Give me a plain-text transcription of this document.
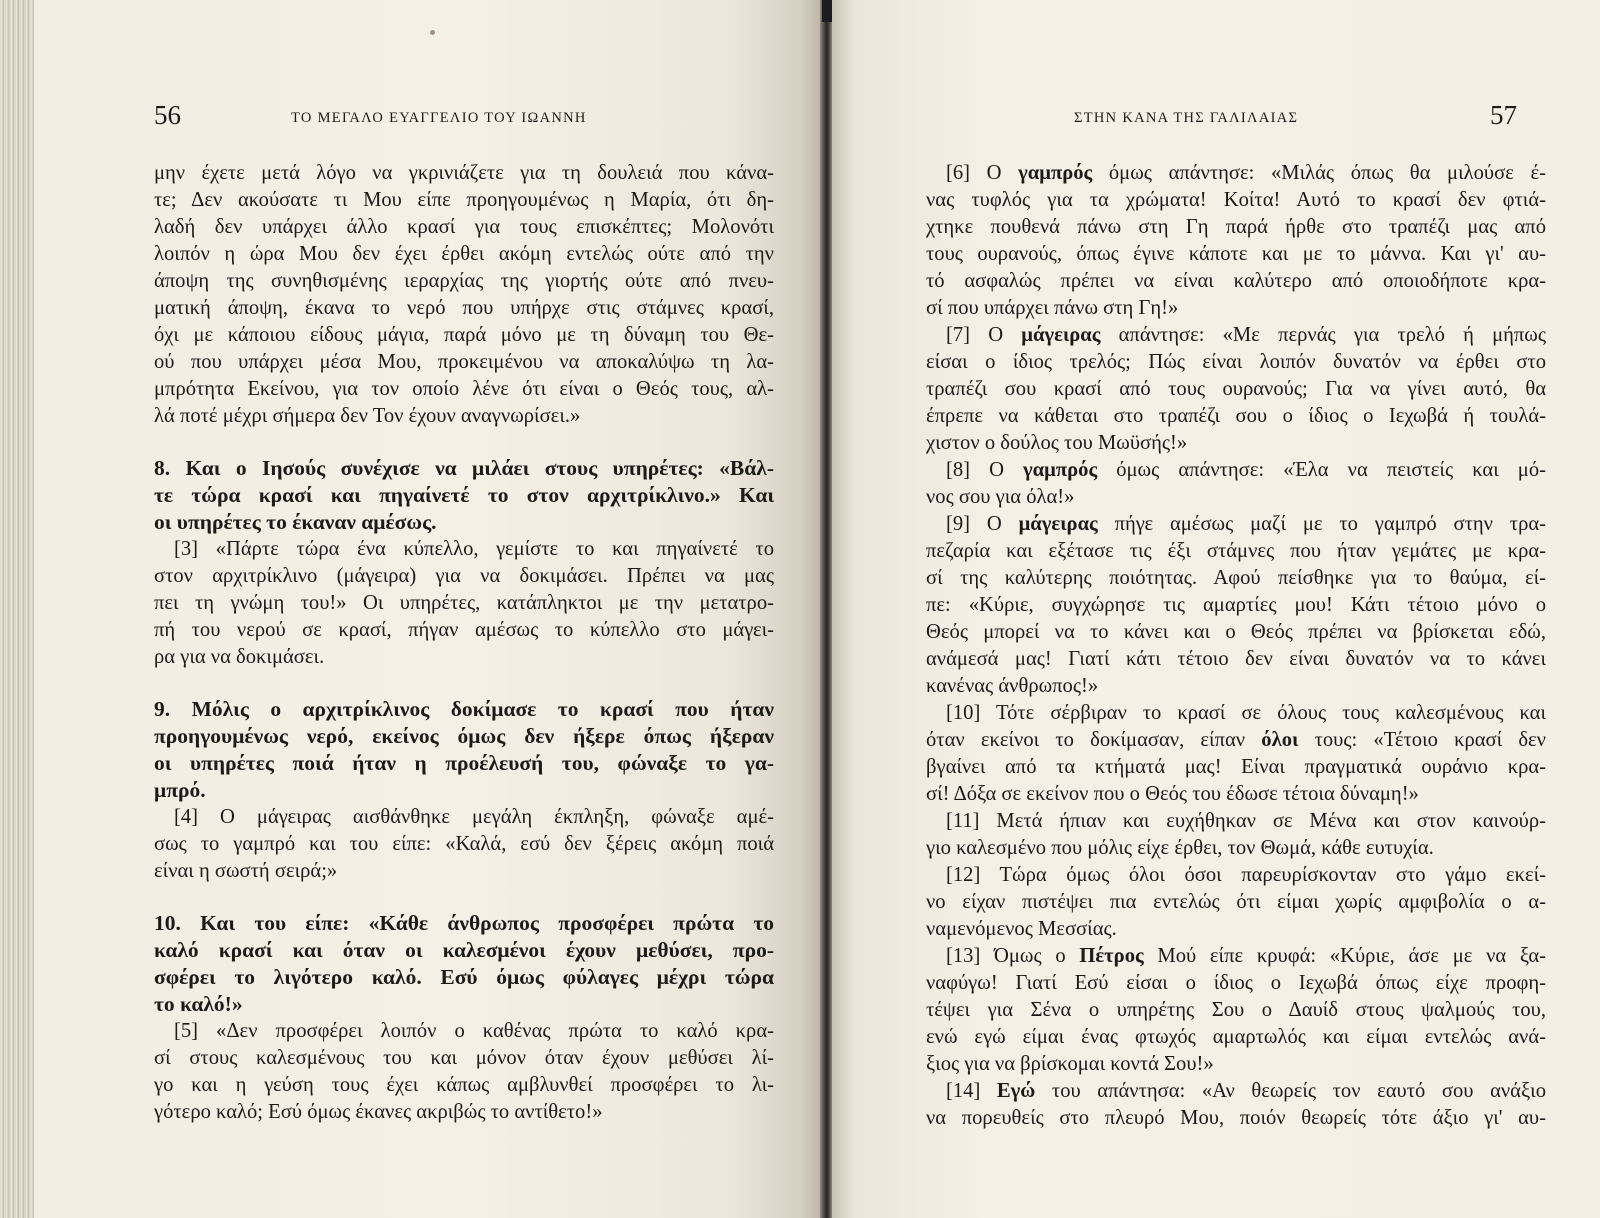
56	ΤΟ ΜΕΓΑΛΟ ΕΥΑΓΓΕΛΙΟ ΤΟΥ ΙΩΑΝΝΗ
μην έχετε μετά λόγο να γκρινιάζετε για τη δουλειά που κάνα-
τε; Δεν ακούσατε τι Μου είπε προηγουμένως η Μαρία, ότι δη-
λαδή δεν υπάρχει άλλο κρασί για τους επισκέπτες; Μολονότι
λοιπόν η ώρα Μου δεν έχει έρθει ακόμη εντελώς ούτε από την
άποψη της συνηθισμένης ιεραρχίας της γιορτής ούτε από πνευ-
ματική άποψη, έκανα το νερό που υπήρχε στις στάμνες κρασί,
όχι με κάποιου είδους μάγια, παρά μόνο με τη δύναμη του Θε-
ού που υπάρχει μέσα Μου, προκειμένου να αποκαλύψω τη λα-
μπρότητα Εκείνου, για τον οποίο λένε ότι είναι ο Θεός τους, αλ-
λά ποτέ μέχρι σήμερα δεν Τον έχουν αναγνωρίσει.»
8. Και ο Ιησούς συνέχισε να μιλάει στους υπηρέτες: «Βάλ-
τε τώρα κρασί και πηγαίνετέ το στον αρχιτρίκλινο.» Και
οι υπηρέτες το έκαναν αμέσως.
[3] «Πάρτε τώρα ένα κύπελλο, γεμίστε το και πηγαίνετέ το
στον αρχιτρίκλινο (μάγειρα) για να δοκιμάσει. Πρέπει να μας
πει τη γνώμη του!» Οι υπηρέτες, κατάπληκτοι με την μετατρο-
πή του νερού σε κρασί, πήγαν αμέσως το κύπελλο στο μάγει-
ρα για να δοκιμάσει.
9. Μόλις ο αρχιτρίκλινος δοκίμασε το κρασί που ήταν
προηγουμένως νερό, εκείνος όμως δεν ήξερε όπως ήξεραν
οι υπηρέτες ποιά ήταν η προέλευσή του, φώναξε το γα-
μπρό.
[4] Ο μάγειρας αισθάνθηκε μεγάλη έκπληξη, φώναξε αμέ-
σως το γαμπρό και του είπε: «Καλά, εσύ δεν ξέρεις ακόμη ποιά
είναι η σωστή σειρά;»
10. Και του είπε: «Κάθε άνθρωπος προσφέρει πρώτα το
καλό κρασί και όταν οι καλεσμένοι έχουν μεθύσει, προ-
σφέρει το λιγότερο καλό. Εσύ όμως φύλαγες μέχρι τώρα
το καλό!»
[5] «Δεν προσφέρει λοιπόν ο καθένας πρώτα το καλό κρα-
σί στους καλεσμένους του και μόνον όταν έχουν μεθύσει λί-
γο και η γεύση τους έχει κάπως αμβλυνθεί προσφέρει το λι-
γότερο καλό; Εσύ όμως έκανες ακριβώς το αντίθετο!»
ΣΤΗΝ ΚΑΝΑ ΤΗΣ ΓΑΛΙΛΑΙΑΣ	57
[6] Ο γαμπρός όμως απάντησε: «Μιλάς όπως θα μιλούσε έ-
νας τυφλός για τα χρώματα! Κοίτα! Αυτό το κρασί δεν φτιά-
χτηκε πουθενά πάνω στη Γη παρά ήρθε στο τραπέζι μας από
τους ουρανούς, όπως έγινε κάποτε και με το μάννα. Και γι' αυ-
τό ασφαλώς πρέπει να είναι καλύτερο από οποιοδήποτε κρα-
σί που υπάρχει πάνω στη Γη!»
[7] Ο μάγειρας απάντησε: «Με περνάς για τρελό ή μήπως
είσαι ο ίδιος τρελός; Πώς είναι λοιπόν δυνατόν να έρθει στο
τραπέζι σου κρασί από τους ουρανούς; Για να γίνει αυτό, θα
έπρεπε να κάθεται στο τραπέζι σου ο ίδιος ο Ιεχωβά ή τουλά-
χιστον ο δούλος του Μωϋσής!»
[8] Ο γαμπρός όμως απάντησε: «Έλα να πειστείς και μό-
νος σου για όλα!»
[9] Ο μάγειρας πήγε αμέσως μαζί με το γαμπρό στην τρα-
πεζαρία και εξέτασε τις έξι στάμνες που ήταν γεμάτες με κρα-
σί της καλύτερης ποιότητας. Αφού πείσθηκε για το θαύμα, εί-
πε: «Κύριε, συγχώρησε τις αμαρτίες μου! Κάτι τέτοιο μόνο ο
Θεός μπορεί να το κάνει και ο Θεός πρέπει να βρίσκεται εδώ,
ανάμεσά μας! Γιατί κάτι τέτοιο δεν είναι δυνατόν να το κάνει
κανένας άνθρωπος!»
[10] Τότε σέρβιραν το κρασί σε όλους τους καλεσμένους και
όταν εκείνοι το δοκίμασαν, είπαν όλοι τους: «Τέτοιο κρασί δεν
βγαίνει από τα κτήματά μας! Είναι πραγματικά ουράνιο κρα-
σί! Δόξα σε εκείνον που ο Θεός του έδωσε τέτοια δύναμη!»
[11] Μετά ήπιαν και ευχήθηκαν σε Μένα και στον καινούρ-
γιο καλεσμένο που μόλις είχε έρθει, τον Θωμά, κάθε ευτυχία.
[12] Τώρα όμως όλοι όσοι παρευρίσκονταν στο γάμο εκεί-
νο είχαν πιστέψει πια εντελώς ότι είμαι χωρίς αμφιβολία ο α-
ναμενόμενος Μεσσίας.
[13] Όμως ο Πέτρος Μού είπε κρυφά: «Κύριε, άσε με να ξα-
ναφύγω! Γιατί Εσύ είσαι ο ίδιος ο Ιεχωβά όπως είχε προφη-
τέψει για Σένα ο υπηρέτης Σου ο Δαυίδ στους ψαλμούς του,
ενώ εγώ είμαι ένας φτωχός αμαρτωλός και είμαι εντελώς ανά-
ξιος για να βρίσκομαι κοντά Σου!»
[14] Εγώ του απάντησα: «Αν θεωρείς τον εαυτό σου ανάξιο
να πορευθείς στο πλευρό Μου, ποιόν θεωρείς τότε άξιο γι' αυ-
